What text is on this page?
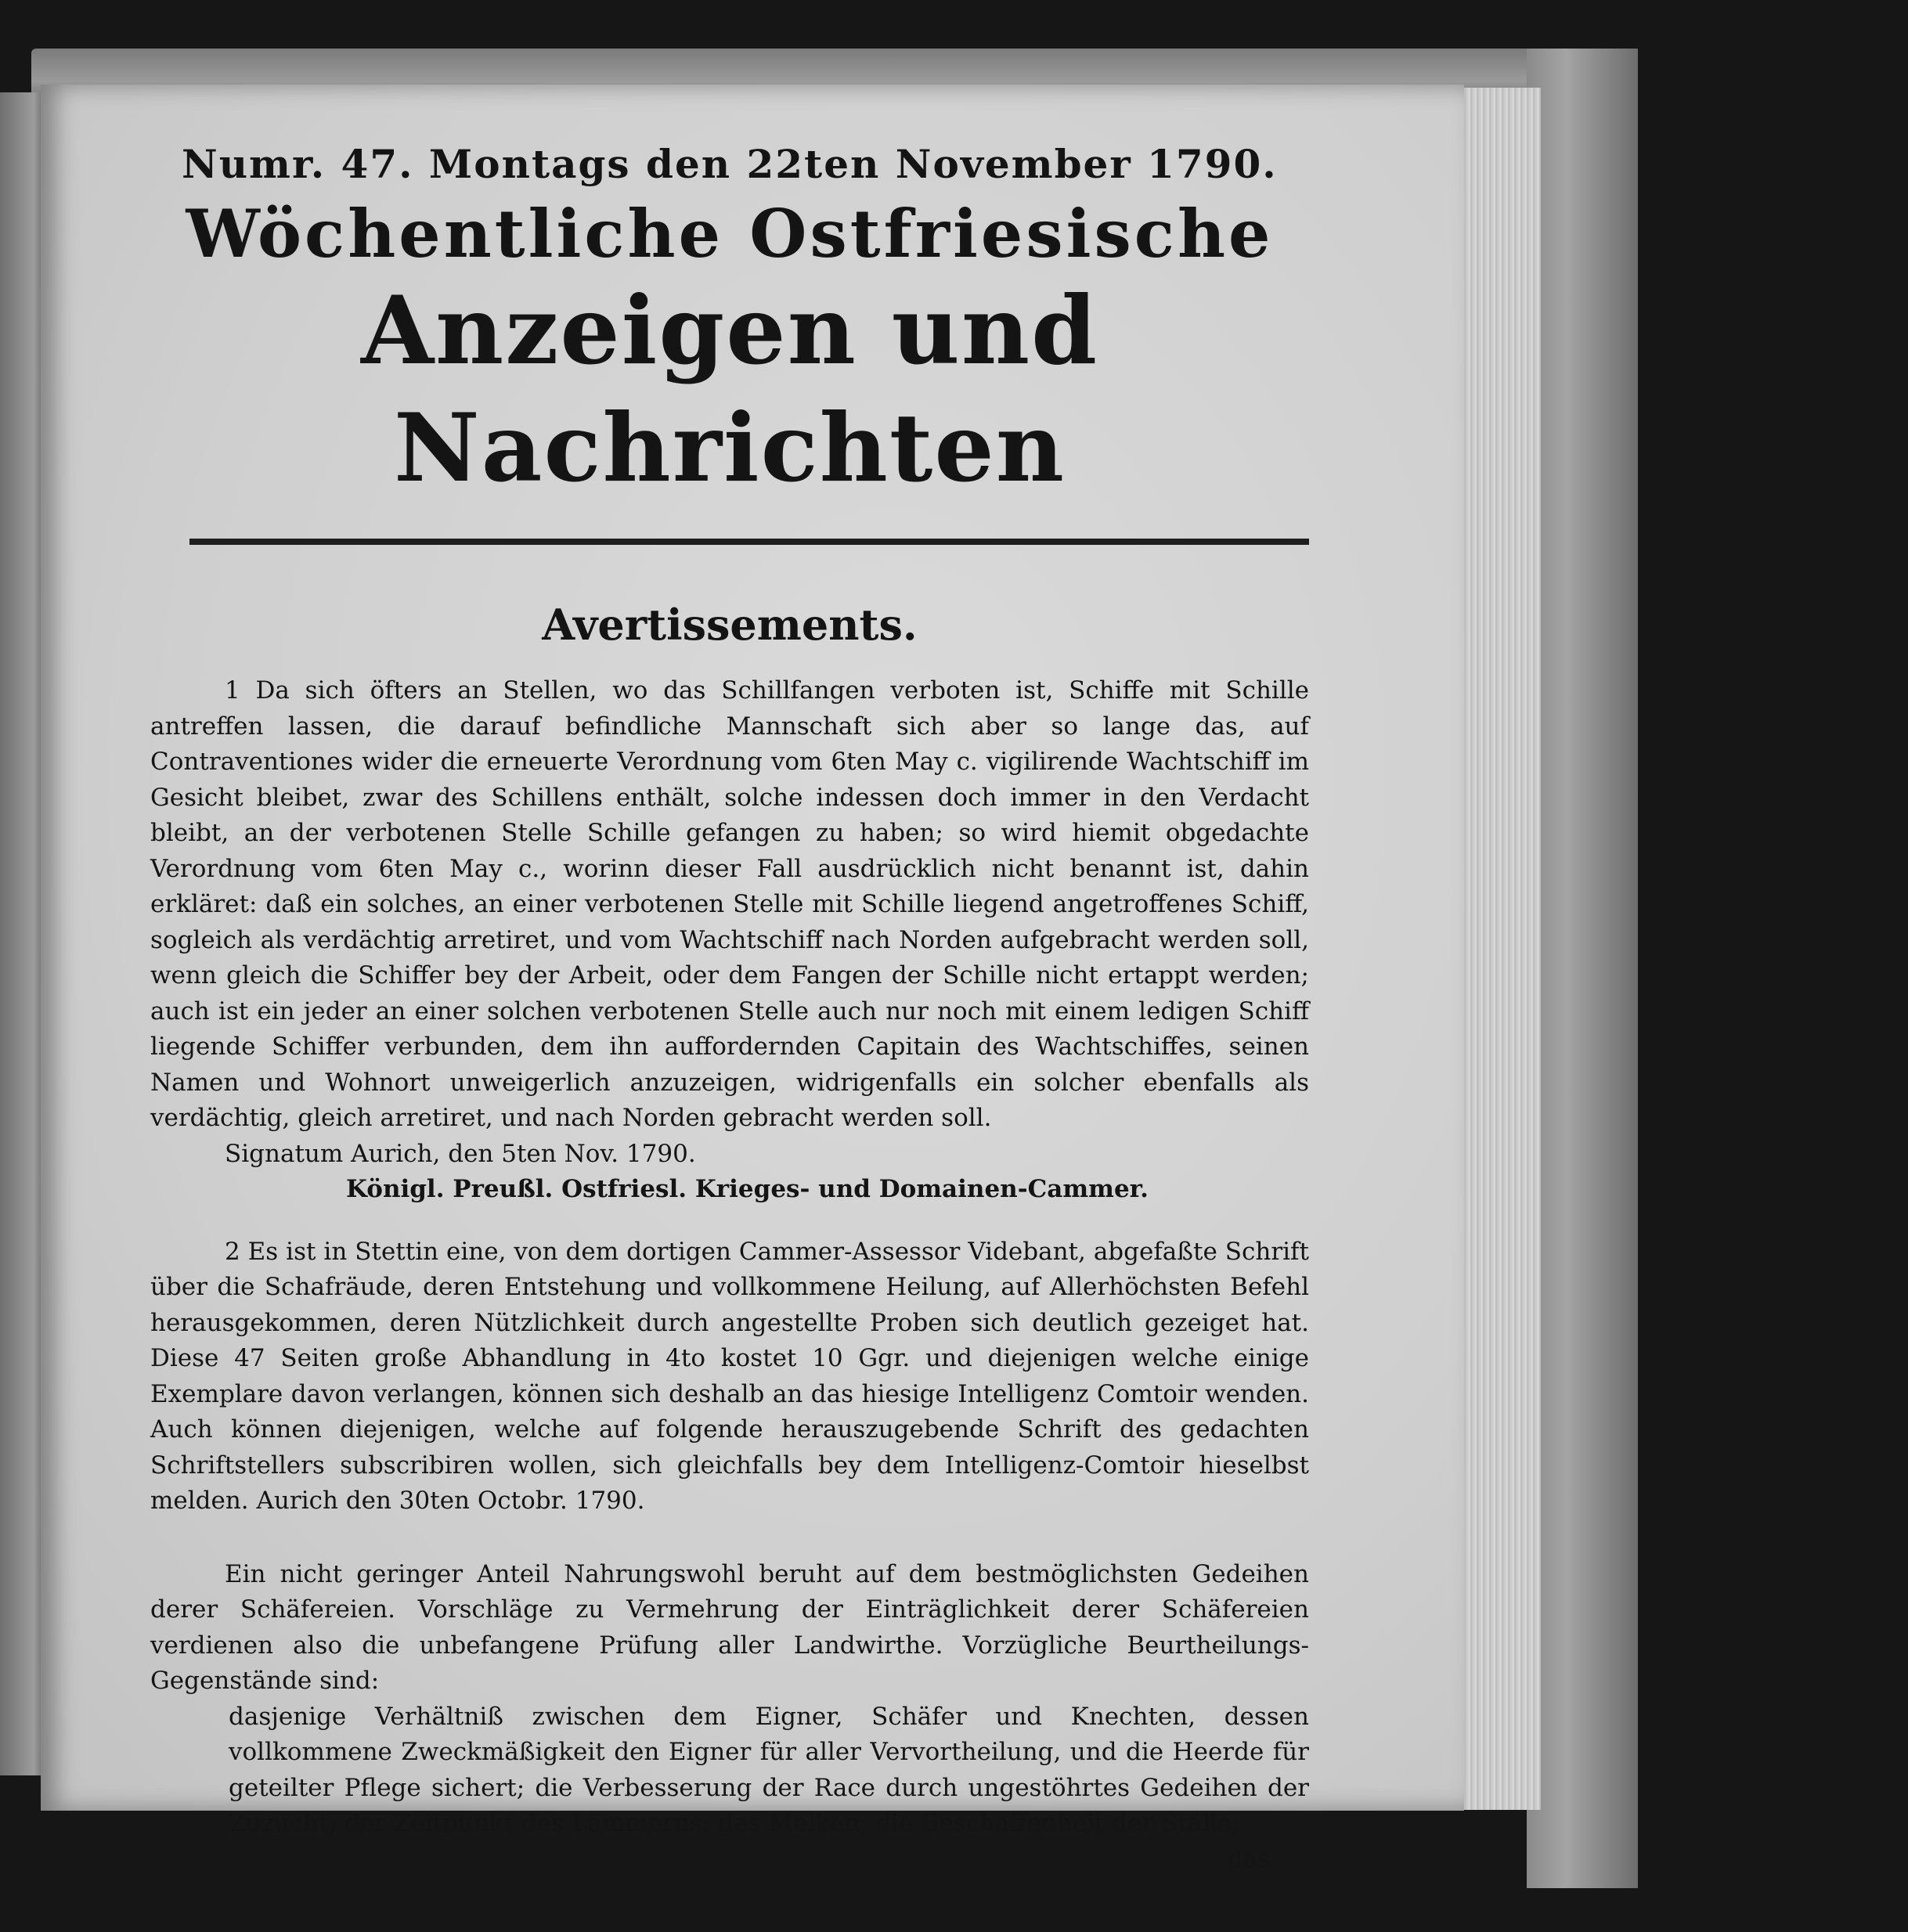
Numr. 47. Montags den 22ten November 1790.
Wöchentliche Ostfriesische
Anzeigen und Nachrichten
Avertissements.

1 Da sich öfters an Stellen, wo das Schillfangen verboten ist, Schiffe mit Schille antreffen lassen, die darauf befindliche Mannschaft sich aber so lange das, auf Contraventiones wider die erneuerte Verordnung vom 6ten May c. vigilirende Wachtschiff im Gesicht bleibet, zwar des Schillens enthält, solche indessen doch immer in den Verdacht bleibt, an der verbotenen Stelle Schille gefangen zu haben; so wird hiemit obgedachte Verordnung vom 6ten May c., worinn dieser Fall ausdrücklich nicht benannt ist, dahin erkläret: daß ein solches, an einer verbotenen Stelle mit Schille liegend angetroffenes Schiff, sogleich als verdächtig arretiret, und vom Wachtschiff nach Norden aufgebracht werden soll, wenn gleich die Schiffer bey der Arbeit, oder dem Fangen der Schille nicht ertappt werden; auch ist ein jeder an einer solchen verbotenen Stelle auch nur noch mit einem ledigen Schiff liegende Schiffer verbunden, dem ihn auffordernden Capitain des Wachtschiffes, seinen Namen und Wohnort unweigerlich anzuzeigen, widrigenfalls ein solcher ebenfalls als verdächtig, gleich arretiret, und nach Norden gebracht werden soll.

Signatum Aurich, den 5ten Nov. 1790.
Königl. Preußl. Ostfriesl. Krieges- und Domainen-Cammer.

2 Es ist in Stettin eine, von dem dortigen Cammer-Assessor Videbant, abgefaßte Schrift über die Schafräude, deren Entstehung und vollkommene Heilung, auf Allerhöchsten Befehl herausgekommen, deren Nützlichkeit durch angestellte Proben sich deutlich gezeiget hat. Diese 47 Seiten große Abhandlung in 4to kostet 10 Ggr. und diejenigen welche einige Exemplare davon verlangen, können sich deshalb an das hiesige Intelligenz Comtoir wenden. Auch können diejenigen, welche auf folgende herauszugebende Schrift des gedachten Schriftstellers subscribiren wollen, sich gleichfalls bey dem Intelligenz-Comtoir hieselbst melden. Aurich den 30ten Octobr. 1790.

Ein nicht geringer Anteil Nahrungswohl beruht auf dem bestmöglichsten Gedeihen derer Schäfereien. Vorschläge zu Vermehrung der Einträglichkeit derer Schäfereien verdienen also die unbefangene Prüfung aller Landwirthe. Vorzügliche Beurtheilungs-Gegenstände sind:

dasjenige Verhältniß zwischen dem Eigner, Schäfer und Knechten, dessen vollkommene Zweckmäßigkeit den Eigner für aller Vervortheilung, und die Heerde für geteilter Pflege sichert; die Verbesserung der Race durch ungestöhrtes Gedeihen der Zuzucht; der Zeitpunkt des Lämmerns; das Melken; die Beschaffenheit der Ställe;
das
